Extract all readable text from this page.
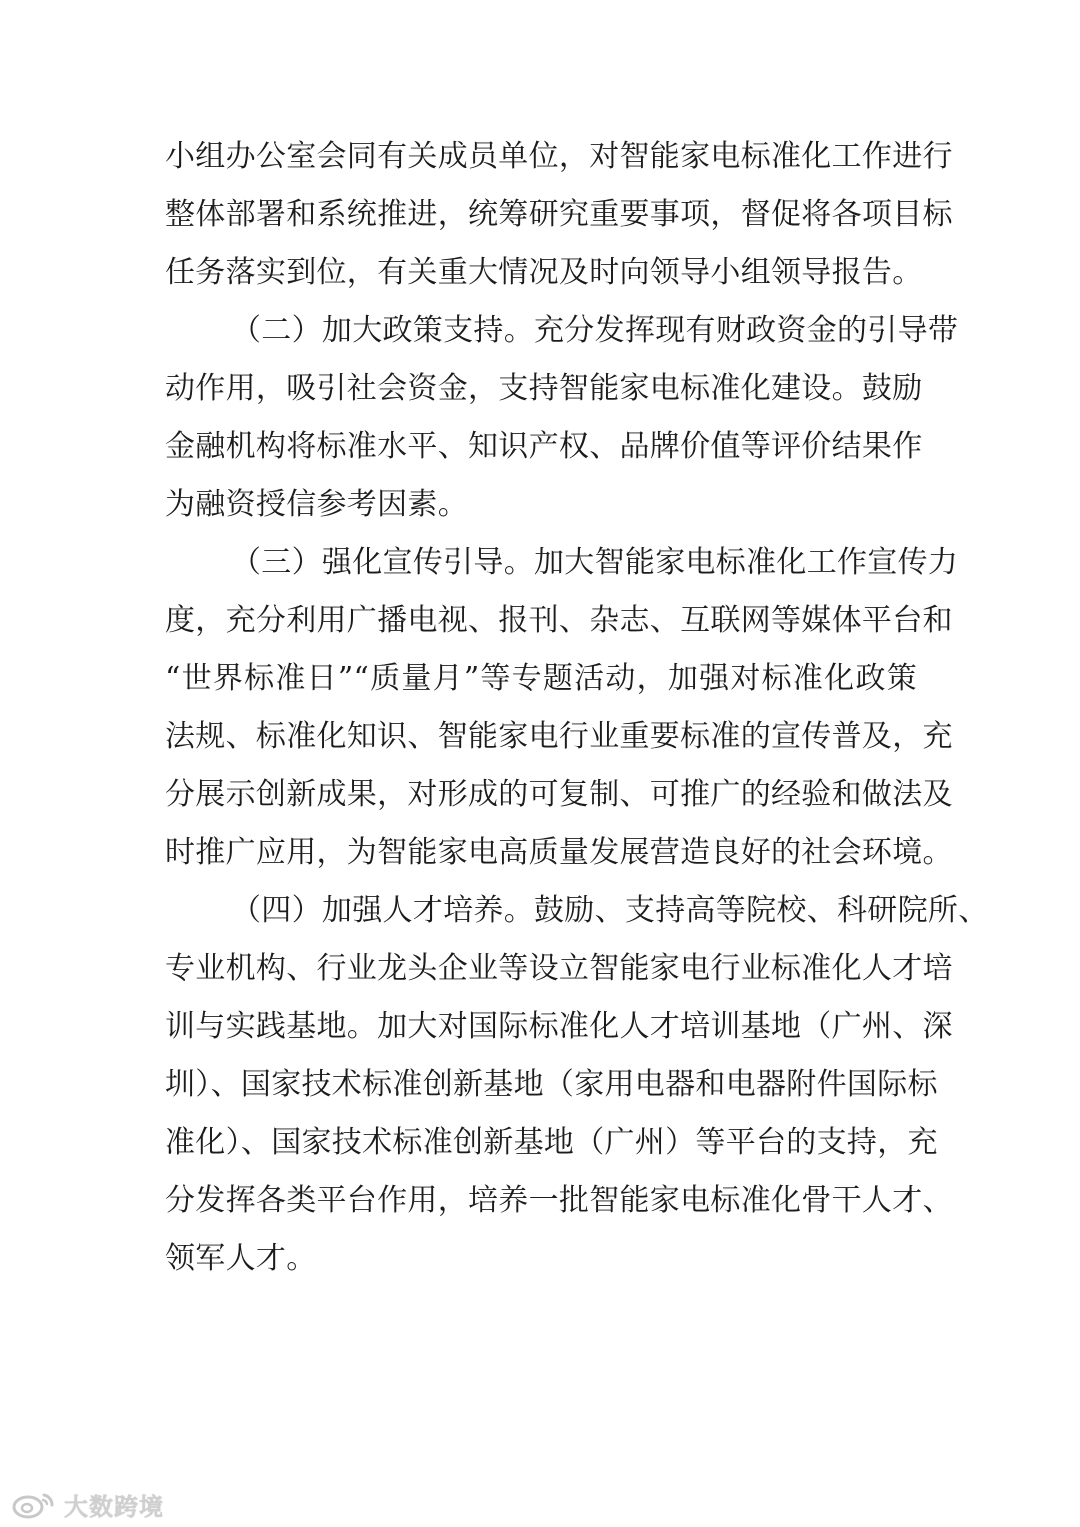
小组办公室会同有关成员单位，对智能家电标准化工作进行
整体部署和系统推进，统筹研究重要事项，督促将各项目标
任务落实到位，有关重大情况及时向领导小组领导报告。
（二）加大政策支持。充分发挥现有财政资金的引导带
动作用，吸引社会资金，支持智能家电标准化建设。鼓励
金融机构将标准水平、知识产权、品牌价值等评价结果作
为融资授信参考因素。
（三）强化宣传引导。加大智能家电标准化工作宣传力
度，充分利用广播电视、报刊、杂志、互联网等媒体平台和
“世界标准日”“质量月”等专题活动，加强对标准化政策
法规、标准化知识、智能家电行业重要标准的宣传普及，充
分展示创新成果，对形成的可复制、可推广的经验和做法及
时推广应用，为智能家电高质量发展营造良好的社会环境。
（四）加强人才培养。鼓励、支持高等院校、科研院所、
专业机构、行业龙头企业等设立智能家电行业标准化人才培
训与实践基地。加大对国际标准化人才培训基地（广州、深
圳）、国家技术标准创新基地（家用电器和电器附件国际标
准化）、国家技术标准创新基地（广州）等平台的支持，充
分发挥各类平台作用，培养一批智能家电标准化骨干人才、
领军人才。
大数跨境
